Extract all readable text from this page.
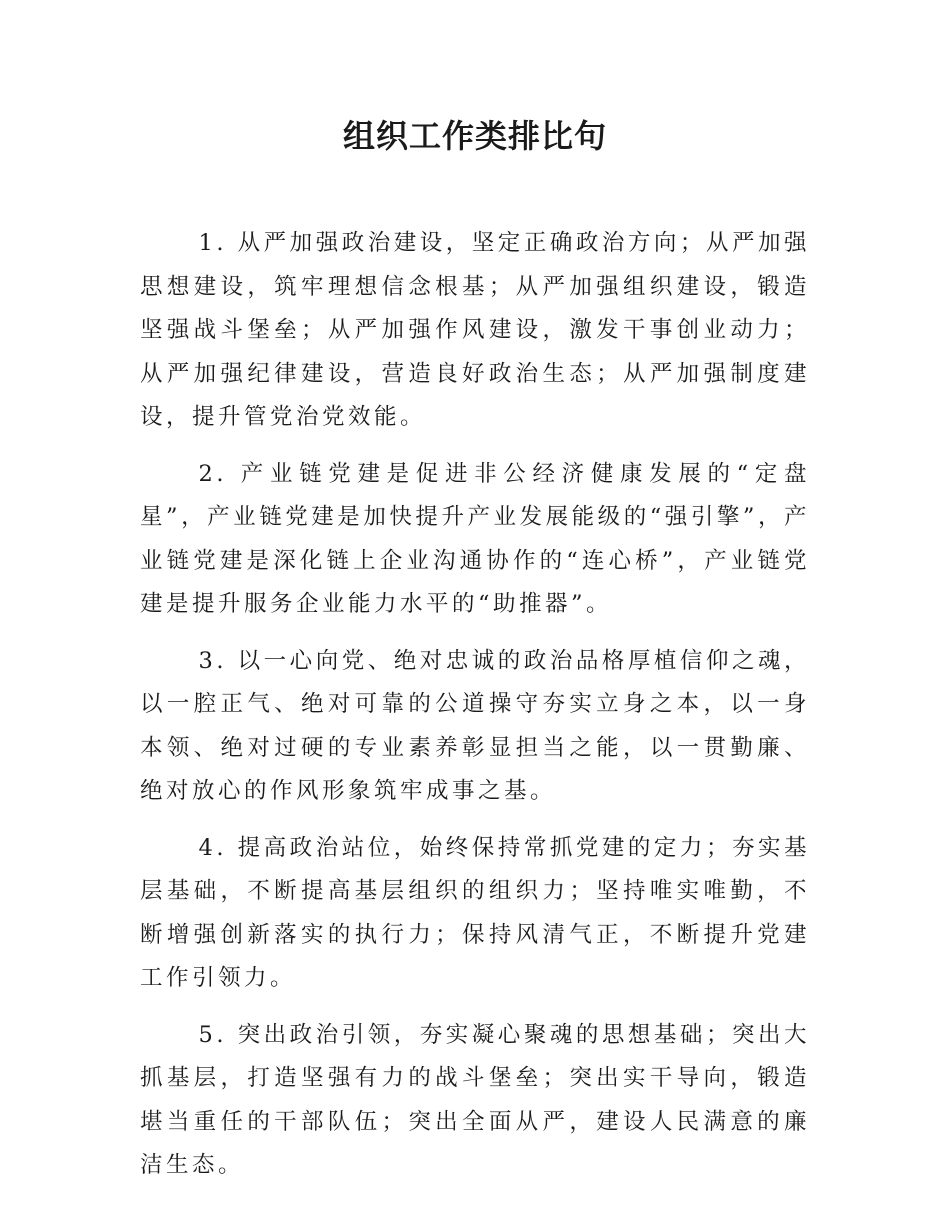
组织工作类排比句

1. 从严加强政治建设，坚定正确政治方向；从严加强思想建设，筑牢理想信念根基；从严加强组织建设，锻造坚强战斗堡垒；从严加强作风建设，激发干事创业动力；从严加强纪律建设，营造良好政治生态；从严加强制度建设，提升管党治党效能。

2. 产业链党建是促进非公经济健康发展的“定盘星”，产业链党建是加快提升产业发展能级的“强引擎”，产业链党建是深化链上企业沟通协作的“连心桥”，产业链党建是提升服务企业能力水平的“助推器”。

3. 以一心向党、绝对忠诚的政治品格厚植信仰之魂，以一腔正气、绝对可靠的公道操守夯实立身之本，以一身本领、绝对过硬的专业素养彰显担当之能，以一贯勤廉、绝对放心的作风形象筑牢成事之基。

4. 提高政治站位，始终保持常抓党建的定力；夯实基层基础，不断提高基层组织的组织力；坚持唯实唯勤，不断增强创新落实的执行力；保持风清气正，不断提升党建工作引领力。

5. 突出政治引领，夯实凝心聚魂的思想基础；突出大抓基层，打造坚强有力的战斗堡垒；突出实干导向，锻造堪当重任的干部队伍；突出全面从严，建设人民满意的廉洁生态。
